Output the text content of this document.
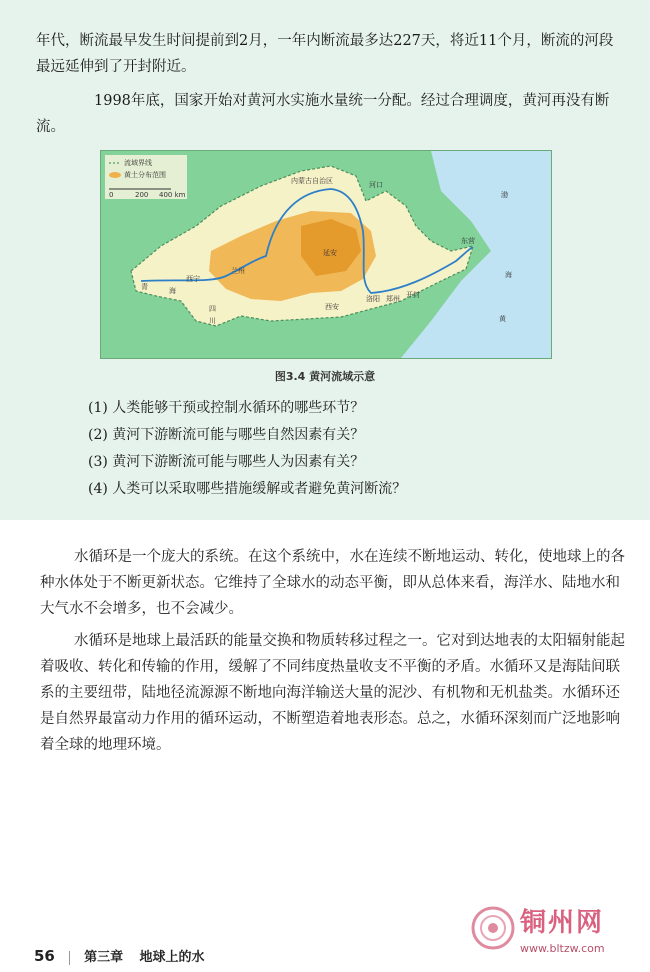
年代，断流最早发生时间提前到2月，一年内断流最多达227天，将近11个月，断流的河段最远延伸到了开封附近。
1998年底，国家开始对黄河水实施水量统一分配。经过合理调度，黄河再没有断流。
流域界线
黄土分布范围
0	200 400 km
内蒙古自治区	河口
兰州
延安
西宁
西安
洛阳 郑州 开封
东营
青	海
四
川
渤
海
黄
图3.4 黄河流域示意
(1) 人类能够干预或控制水循环的哪些环节？
(2) 黄河下游断流可能与哪些自然因素有关？
(3) 黄河下游断流可能与哪些人为因素有关？
(4) 人类可以采取哪些措施缓解或者避免黄河断流？
水循环是一个庞大的系统。在这个系统中，水在连续不断地运动、转化，使地球上的各种水体处于不断更新状态。它维持了全球水的动态平衡，即从总体来看，海洋水、陆地水和大气水不会增多，也不会减少。
水循环是地球上最活跃的能量交换和物质转移过程之一。它对到达地表的太阳辐射能起着吸收、转化和传输的作用，缓解了不同纬度热量收支不平衡的矛盾。水循环又是海陆间联系的主要纽带，陆地径流源源不断地向海洋输送大量的泥沙、有机物和无机盐类。水循环还是自然界最富动力作用的循环运动，不断塑造着地表形态。总之，水循环深刻而广泛地影响着全球的地理环境。
铜州网
www.bltzw.com
56 第三章 地球上的水
